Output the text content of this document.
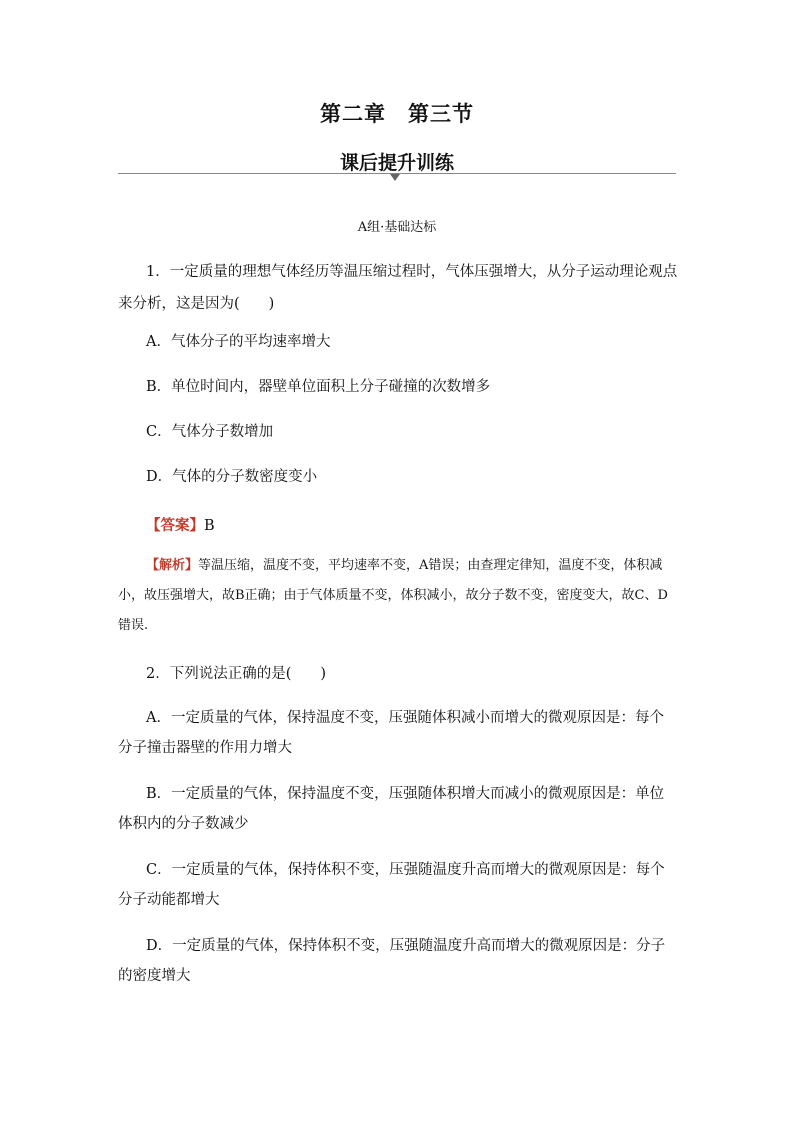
第二章　第三节
课后提升训练
A组·基础达标
1．一定质量的理想气体经历等温压缩过程时，气体压强增大，从分子运动理论观点来分析，这是因为(　　)
A．气体分子的平均速率增大
B．单位时间内，器壁单位面积上分子碰撞的次数增多
C．气体分子数增加
D．气体的分子数密度变小
【答案】B
【解析】等温压缩，温度不变，平均速率不变，A错误；由查理定律知，温度不变，体积减小，故压强增大，故B正确；由于气体质量不变，体积减小，故分子数不变，密度变大，故C、D错误.
2．下列说法正确的是(　　)
A．一定质量的气体，保持温度不变，压强随体积减小而增大的微观原因是：每个分子撞击器壁的作用力增大
B．一定质量的气体，保持温度不变，压强随体积增大而减小的微观原因是：单位体积内的分子数减少
C．一定质量的气体，保持体积不变，压强随温度升高而增大的微观原因是：每个分子动能都增大
D．一定质量的气体，保持体积不变，压强随温度升高而增大的微观原因是：分子的密度增大
